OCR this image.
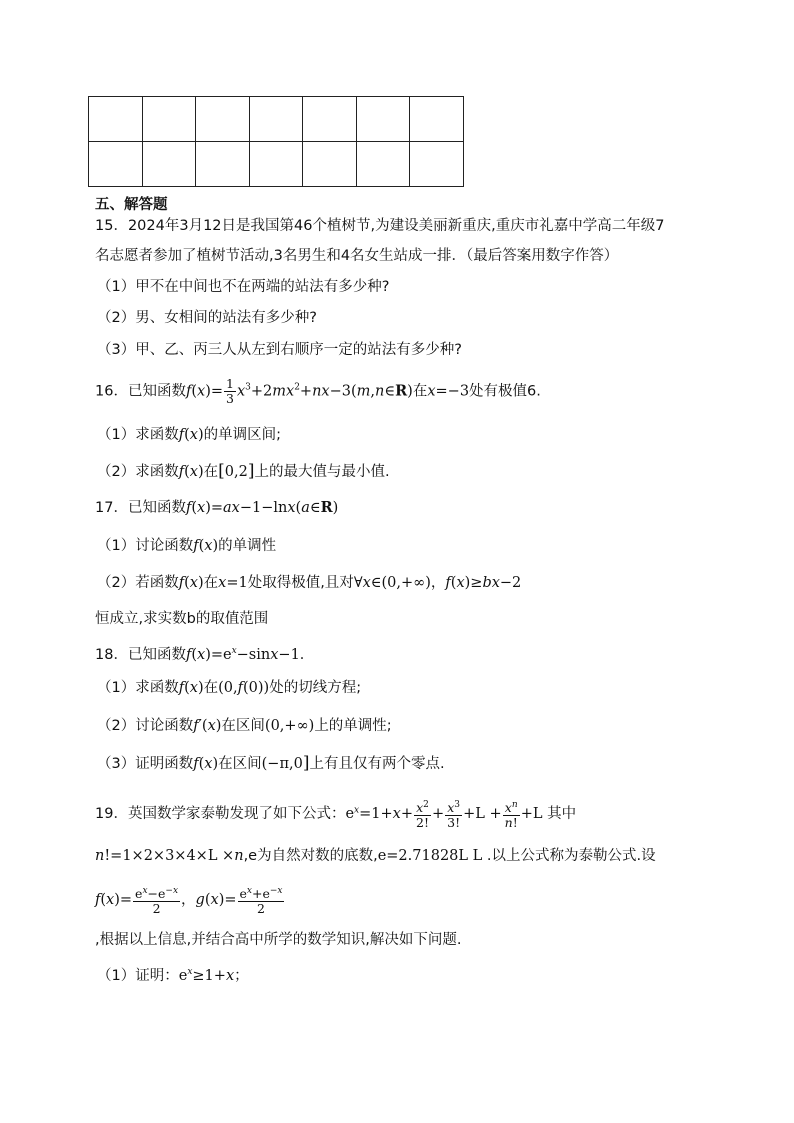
五、解答题
15．2024年3月12日是我国第46个植树节,为建设美丽新重庆,重庆市礼嘉中学高二年级7
名志愿者参加了植树节活动,3名男生和4名女生站成一排．（最后答案用数字作答）
（1）甲不在中间也不在两端的站法有多少种?
（2）男、女相间的站法有多少种?
（3）甲、乙、丙三人从左到右顺序一定的站法有多少种?
16．已知函数$f(x)= \frac{1}{3}$ $x^3+2mx^2+nx-3(m,n\in R)$在x=−3处有极值6.
（1）求函数f(x)的单调区间;
（2）求函数f(x)在[0,2]上的最大值与最小值.
17．已知函数f(x)=ax−1−lnx(a∈R)
（1）讨论函数f(x)的单调性
（2）若函数f(x)在x=1处取得极值,且对∀x∈(0,+∞)，f(x)≥bx−2
恒成立,求实数b的取值范围
18．已知函数$f(x)=e^x-\sin x-1$．
（1）求函数f(x)在(0,f(0))处的切线方程;
（2）讨论函数f′(x)在区间(0,+∞)上的单调性;
（3）证明函数f(x)在区间(−π,0]上有且仅有两个零点.
19．英国数学家泰勒发现了如下公式：$e^x=1+x+ \frac{x^2}{2!} + \frac{x^3}{3!} +L + \frac{x^n}{n!} +L$ 其中
n!=1×2×3×4×L ×n,e为自然对数的底数,e=2.71828L L .以上公式称为泰勒公式.设
$f(x)= \frac{e^x-e^{-x}}{2}$ ，$g(x)= \frac{e^x+e^{-x}}{2}$
,根据以上信息,并结合高中所学的数学知识,解决如下问题.
（1）证明：$e^x\ge 1+x$；
